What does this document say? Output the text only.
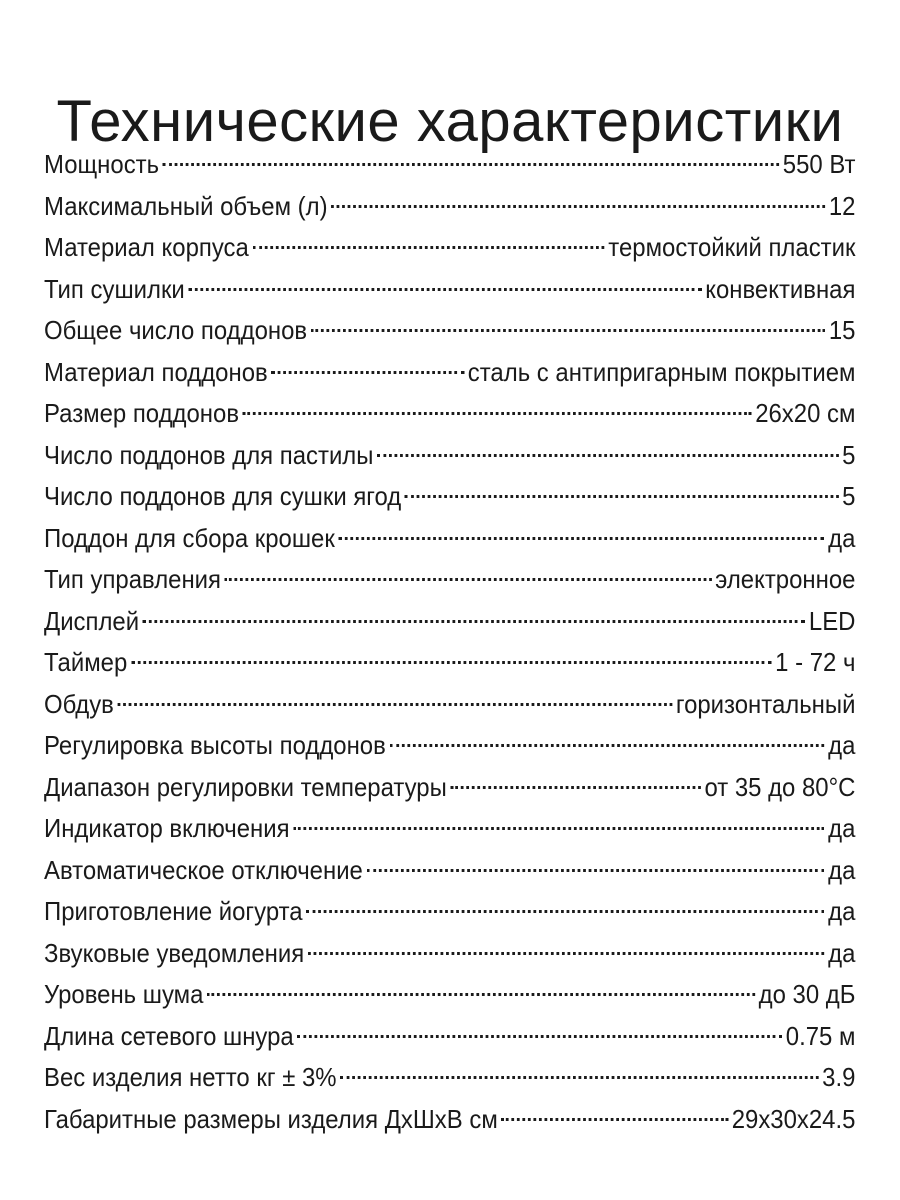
Технические характеристики
Мощность	550 Вт
Максимальный объем (л)	12
Материал корпуса	термостойкий пластик
Тип сушилки	конвективная
Общее число поддонов	15
Материал поддонов	сталь с антипригарным покрытием
Размер поддонов	26x20 см
Число поддонов для пастилы	5
Число поддонов для сушки ягод	5
Поддон для сбора крошек	да
Тип управления	электронное
Дисплей	LED
Таймер	1 - 72 ч
Обдув	горизонтальный
Регулировка высоты поддонов	да
Диапазон регулировки температуры	от 35 до 80°C
Индикатор включения	да
Автоматическое отключение	да
Приготовление йогурта	да
Звуковые уведомления	да
Уровень шума	до 30 дБ
Длина сетевого шнура	0.75 м
Вес изделия нетто кг ± 3%	3.9
Габаритные размеры изделия ДхШхВ см	29x30x24.5
